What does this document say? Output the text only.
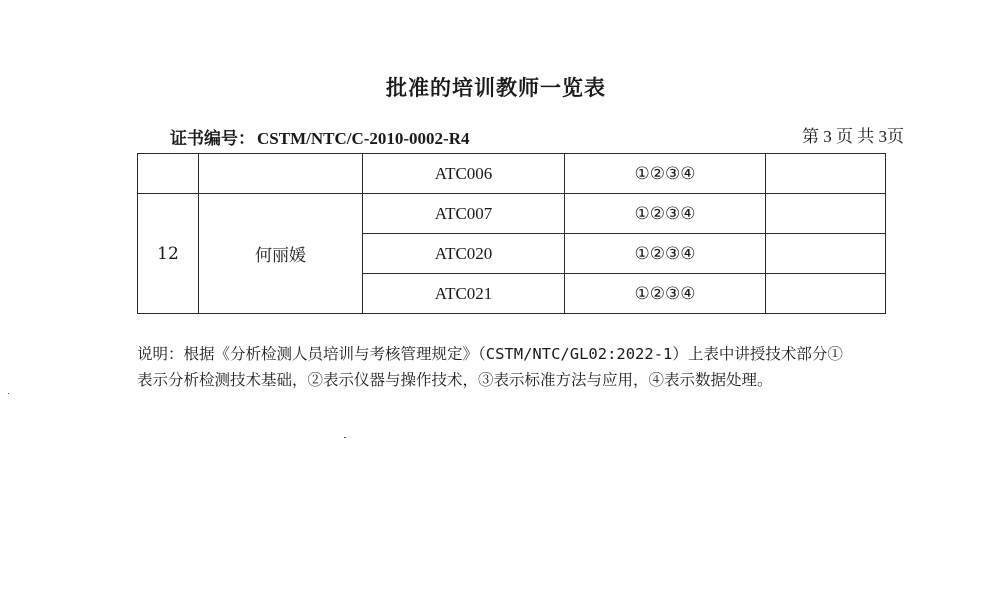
批准的培训教师一览表
证书编号： CSTM/NTC/C-2010-0002-R4	第 3 页 共 3页
		ATC006	①②③④	
12	何丽媛	ATC007	①②③④	
		ATC020	①②③④	
		ATC021	①②③④	
说明：根据《分析检测人员培训与考核管理规定》（CSTM/NTC/GL02:2022-1）上表中讲授技术部分①表示分析检测技术基础，②表示仪器与操作技术，③表示标准方法与应用，④表示数据处理。
